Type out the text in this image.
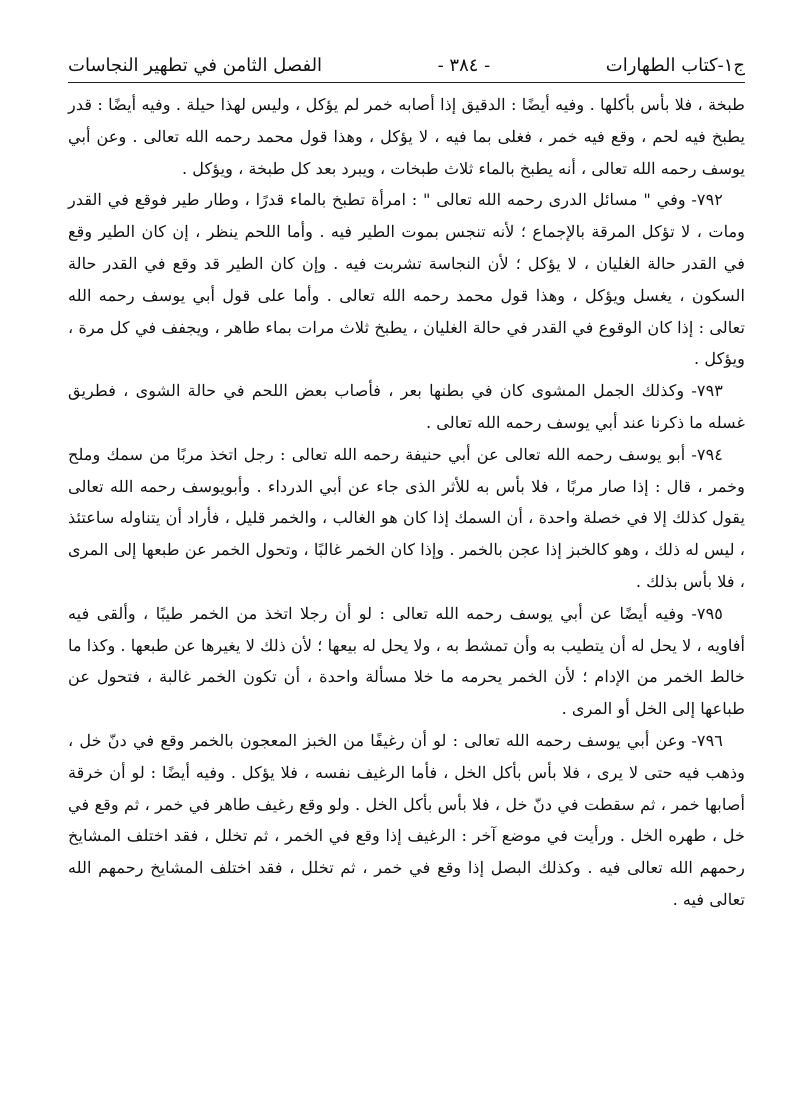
ج١-كتاب الطهارات
- ٣٨٤ -
الفصل الثامن في تطهير النجاسات

طبخة ، فلا بأس بأكلها . وفيه أيضًا : الدقيق إذا أصابه خمر لم يؤكل ، وليس لهذا حيلة . وفيه أيضًا : قدر يطبخ فيه لحم ، وقع فيه خمر ، فغلى بما فيه ، لا يؤكل ، وهذا قول محمد رحمه الله تعالى . وعن أبي يوسف رحمه الله تعالى ، أنه يطبخ بالماء ثلاث طبخات ، ويبرد بعد كل طبخة ، ويؤكل .

٧٩٢- وفي " مسائل الدرى رحمه الله تعالى " : امرأة تطبخ بالماء قدرًا ، وطار طير فوقع في القدر ومات ، لا تؤكل المرقة بالإجماع ؛ لأنه تنجس بموت الطير فيه . وأما اللحم ينظر ، إن كان الطير وقع في القدر حالة الغليان ، لا يؤكل ؛ لأن النجاسة تشربت فيه . وإن كان الطير قد وقع في القدر حالة السكون ، يغسل ويؤكل ، وهذا قول محمد رحمه الله تعالى . وأما على قول أبي يوسف رحمه الله تعالى : إذا كان الوقوع في القدر في حالة الغليان ، يطبخ ثلاث مرات بماء طاهر ، ويجفف في كل مرة ، ويؤكل .

٧٩٣- وكذلك الجمل المشوى كان في بطنها بعر ، فأصاب بعض اللحم في حالة الشوى ، فطريق غسله ما ذكرنا عند أبي يوسف رحمه الله تعالى .

٧٩٤- أبو يوسف رحمه الله تعالى عن أبي حنيفة رحمه الله تعالى : رجل اتخذ مربًا من سمك وملح وخمر ، قال : إذا صار مربًا ، فلا بأس به للأثر الذى جاء عن أبي الدرداء . وأبويوسف رحمه الله تعالى يقول كذلك إلا في خصلة واحدة ، أن السمك إذا كان هو الغالب ، والخمر قليل ، فأراد أن يتناوله ساعتئذ ، ليس له ذلك ، وهو كالخبز إذا عجن بالخمر . وإذا كان الخمر غالبًا ، وتحول الخمر عن طبعها إلى المرى ، فلا بأس بذلك .

٧٩٥- وفيه أيضًا عن أبي يوسف رحمه الله تعالى : لو أن رجلا اتخذ من الخمر طيبًا ، وألقى فيه أفاويه ، لا يحل له أن يتطيب به وأن تمشط به ، ولا يحل له بيعها ؛ لأن ذلك لا يغيرها عن طبعها . وكذا ما خالط الخمر من الإدام ؛ لأن الخمر يحرمه ما خلا مسألة واحدة ، أن تكون الخمر غالبة ، فتحول عن طباعها إلى الخل أو المرى .

٧٩٦- وعن أبي يوسف رحمه الله تعالى : لو أن رغيفًا من الخبز المعجون بالخمر وقع في دنّ خل ، وذهب فيه حتى لا يرى ، فلا بأس بأكل الخل ، فأما الرغيف نفسه ، فلا يؤكل . وفيه أيضًا : لو أن خرقة أصابها خمر ، ثم سقطت في دنّ خل ، فلا بأس بأكل الخل . ولو وقع رغيف طاهر في خمر ، ثم وقع في خل ، طهره الخل . ورأيت في موضع آخر : الرغيف إذا وقع في الخمر ، ثم تخلل ، فقد اختلف المشايخ رحمهم الله تعالى فيه . وكذلك البصل إذا وقع في خمر ، ثم تخلل ، فقد اختلف المشايخ رحمهم الله تعالى فيه .
